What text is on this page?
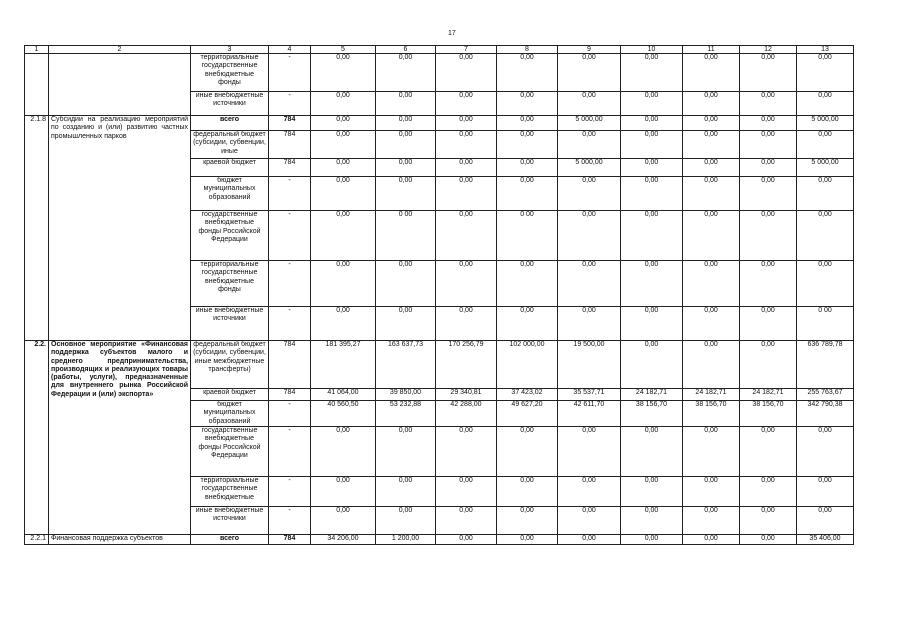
17
1	2	3	4	5	6	7	8	9	10	11	12	13
		территориальные государственные внебюджетные фонды	-	0,00	0,00	0,00	0,00	0,00	0,00	0,00	0,00	0,00
		иные внебюджетные источники	-	0,00	0,00	0,00	0,00	0,00	0,00	0,00	0,00	0,00
2.1.8	Субсидии на реализацию мероприятий по созданию и (или) развитию частных промышленных парков	всего	784	0,00	0,00	0,00	0,00	5 000,00	0,00	0,00	0,00	5 000,00
		федеральный бюджет (субсидии, субвенции, иные	784	0,00	0,00	0,00	0,00	0,00	0,00	0,00	0,00	0,00
		краевой бюджет	784	0,00	0,00	0,00	0,00	5 000,00	0,00	0,00	0,00	5 000,00
		бюджет муниципальных образований	-	0,00	0,00	0,00	0,00	0,00	0,00	0,00	0,00	0,00
		государственные внебюджетные фонды Российской Федерации	-	0,00	0 00	0,00	0 00	0,00	0,00	0,00	0,00	0,00
		территориальные государственные внебюджетные фонды	-	0,00	0,00	0,00	0,00	0,00	0,00	0,00	0,00	0,00
		иные внебюджетные источники	-	0,00	0,00	0,00	0,00	0,00	0,00	0,00	0,00	0 00
2.2.	Основное мероприятие «Финансовая поддержка субъектов малого и среднего предпринимательства, производящих и реализующих товары (работы, услуги), предназначенные для внутреннего рынка Российской Федерации и (или) экспорта»	федеральный бюджет (субсидии, субвенции, иные межбюджетные трансферты)	784	181 395,27	163 637,73	170 256,79	102 000,00	19 500,00	0,00	0,00	0,00	636 789,78
		краевой бюджет	784	41 064,00	39 850,00	29 340,81	37 423,02	35 537,71	24 182,71	24 182,71	24 182,71	255 763,67
		бюджет муниципальных образований	-	40 560,50	53 232,88	42 288,00	49 627,20	42 611,70	38 156,70	38 156,70	38 156,70	342 790,38
		государственные внебюджетные фонды Российской Федерации	-	0,00	0,00	0,00	0,00	0,00	0,00	0,00	0,00	0,00
		территориальные государственные внебюджетные	-	0,00	0,00	0,00	0,00	0,00	0,00	0,00	0,00	0,00
		иные внебюджетные источники	-	0,00	0,00	0,00	0,00	0,00	0,00	0,00	0,00	0,00
2.2.1	Финансовая поддержка субъектов	всего	784	34 206,00	1 200,00	0,00	0,00	0,00	0,00	0,00	0,00	35 406,00
